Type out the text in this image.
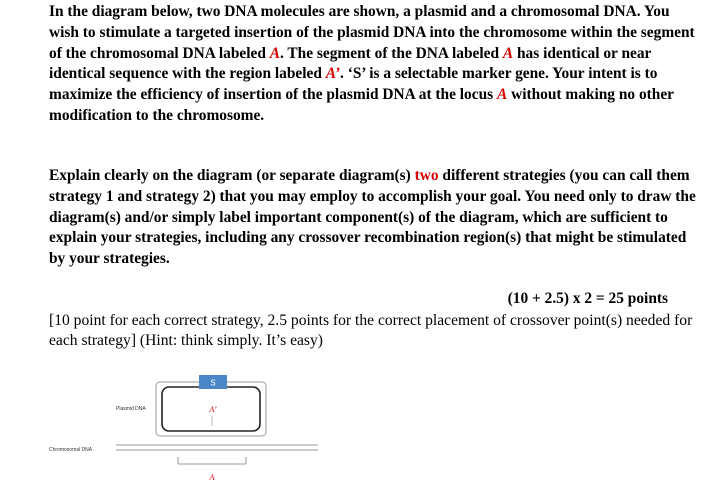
In the diagram below, two DNA molecules are shown, a plasmid and a chromosomal DNA. You wish to stimulate a targeted insertion of the plasmid DNA into the chromosome within the segment of the chromosomal DNA labeled A. The segment of the DNA labeled A has identical or near identical sequence with the region labeled A’. ‘S’ is a selectable marker gene. Your intent is to maximize the efficiency of insertion of the plasmid DNA at the locus A without making no other modification to the chromosome.
Explain clearly on the diagram (or separate diagram(s) two different strategies (you can call them strategy 1 and strategy 2) that you may employ to accomplish your goal. You need only to draw the diagram(s) and/or simply label important component(s) of the diagram, which are sufficient to explain your strategies, including any crossover recombination region(s) that might be stimulated by your strategies.
(10 + 2.5) x 2 = 25 points
[10 point for each correct strategy, 2.5 points for the correct placement of crossover point(s) needed for each strategy] (Hint: think simply. It’s easy)
S
A’
Plasmid DNA
A
Chromosomal DNA
